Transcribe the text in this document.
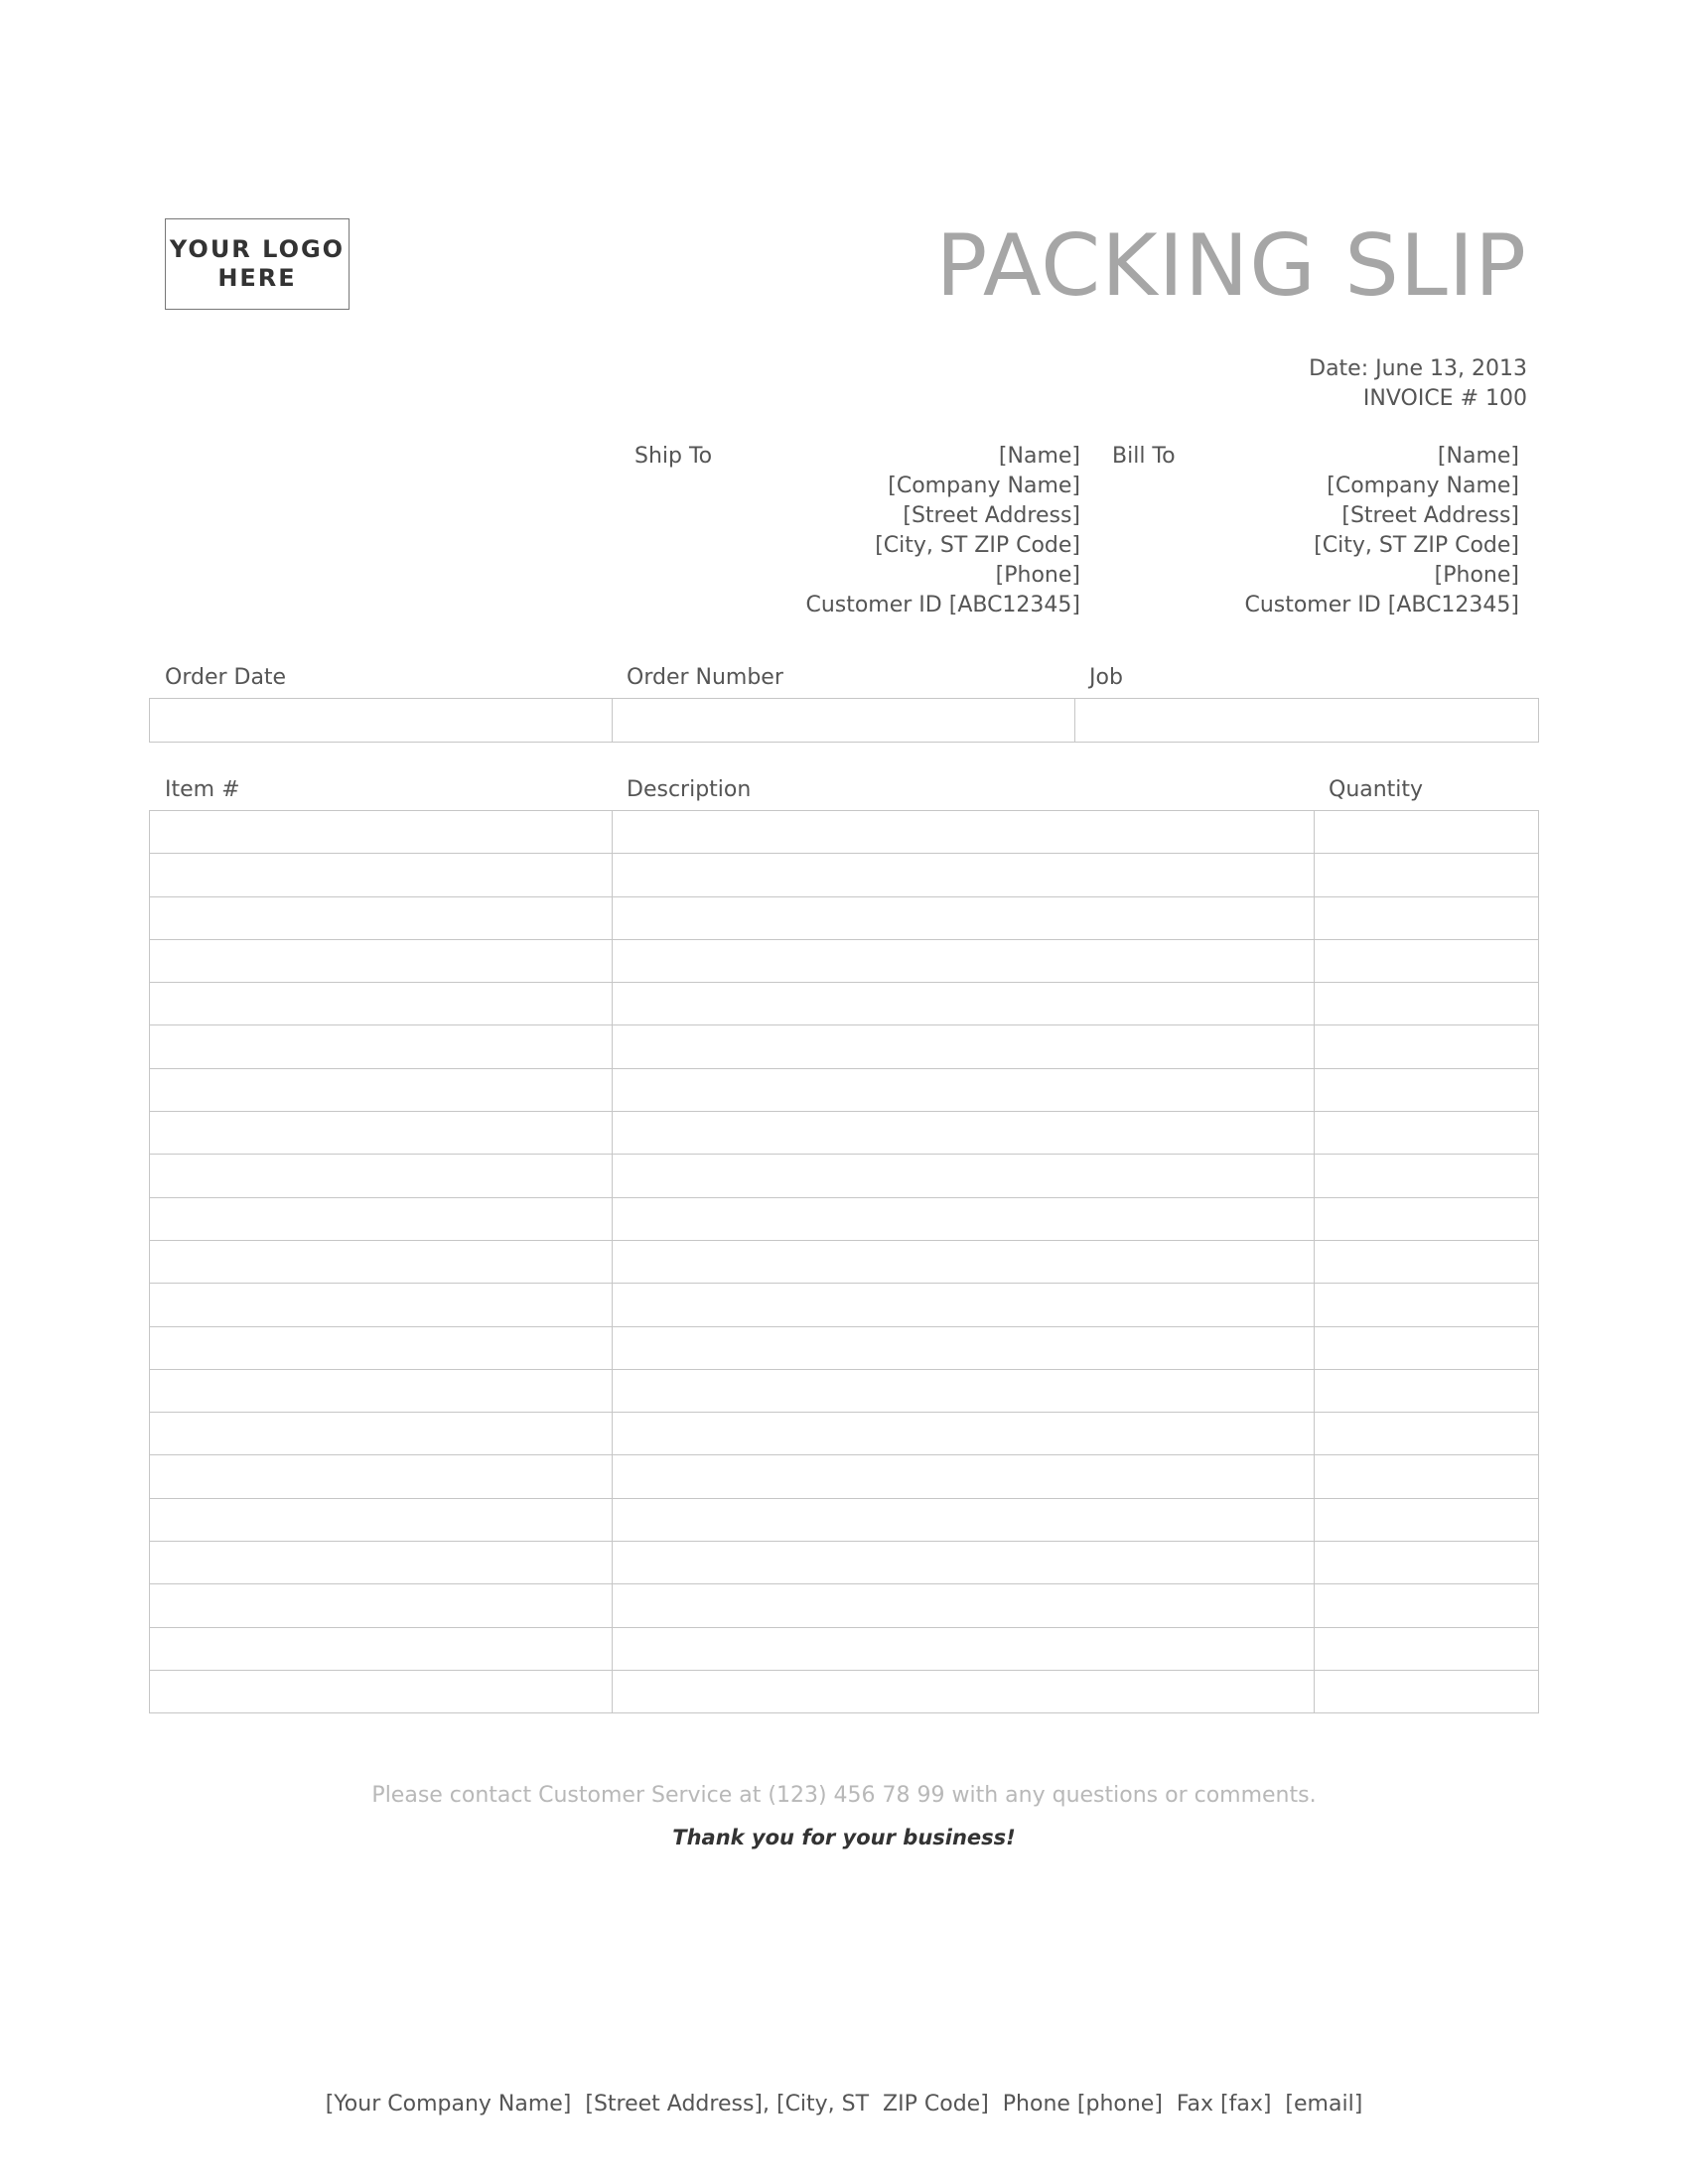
YOUR LOGO
HERE	PACKING SLIP
Date: June 13, 2013
INVOICE # 100
Ship To	[Name]
[Company Name]
[Street Address]
[City, ST ZIP Code]
[Phone]
Customer ID [ABC12345]
Bill To	[Name]
[Company Name]
[Street Address]
[City, ST ZIP Code]
[Phone]
Customer ID [ABC12345]
Order Date	Order Number	Job

Item #	Description	Quantity

Please contact Customer Service at (123) 456 78 99 with any questions or comments.
Thank you for your business!
[Your Company Name]  [Street Address], [City, ST  ZIP Code]  Phone [phone]  Fax [fax]  [email]
